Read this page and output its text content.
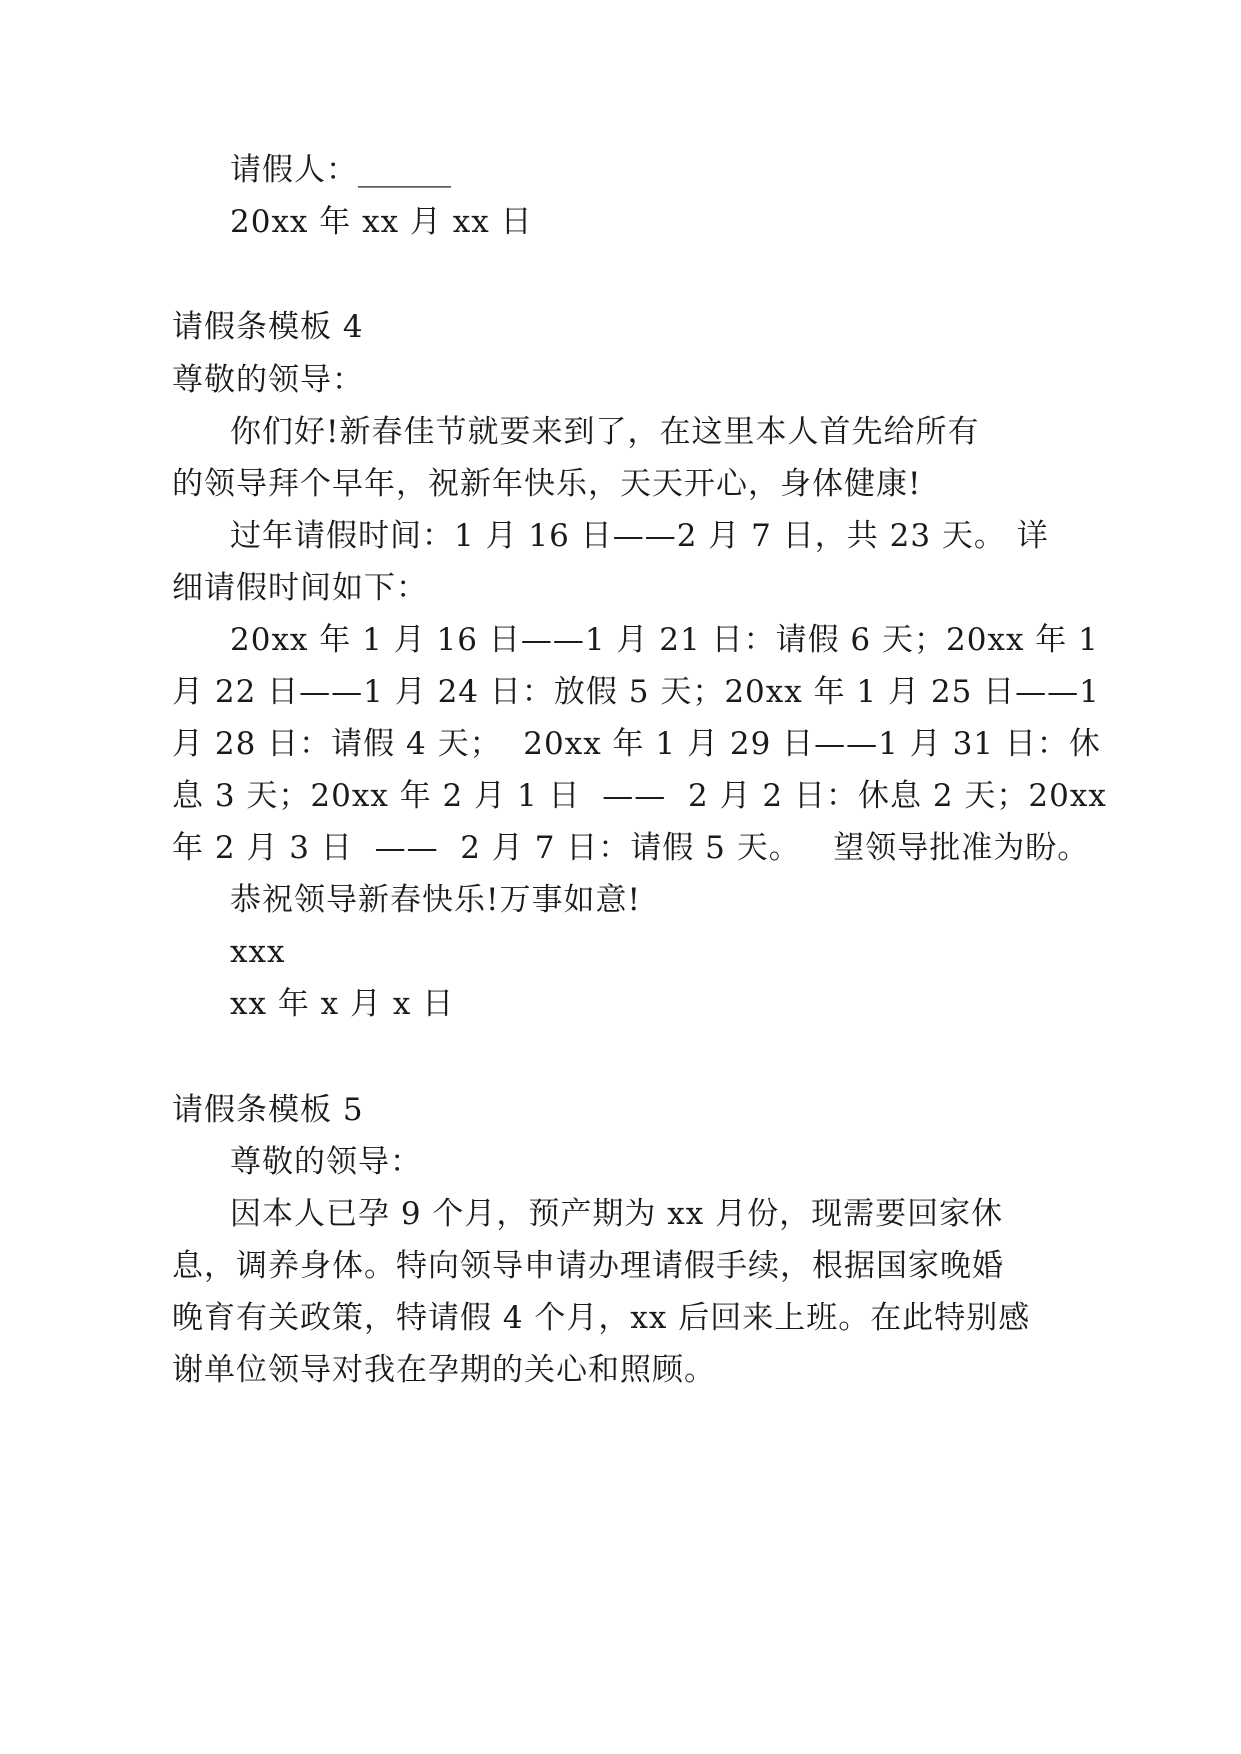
请假人：______
20xx 年 xx 月 xx 日
请假条模板 4
尊敬的领导：
你们好!新春佳节就要来到了，在这里本人首先给所有
的领导拜个早年，祝新年快乐，天天开心，身体健康!
过年请假时间：1 月 16 日——2 月 7 日，共 23 天。 详
细请假时间如下：
20xx 年 1 月 16 日——1 月 21 日：请假 6 天；20xx 年 1
月 22 日——1 月 24 日：放假 5 天；20xx 年 1 月 25 日——1
月 28 日：请假 4 天；  20xx 年 1 月 29 日——1 月 31 日：休
息 3 天；20xx 年 2 月 1 日  ——  2 月 2 日：休息 2 天；20xx
年 2 月 3 日  ——  2 月 7 日：请假 5 天。   望领导批准为盼。
恭祝领导新春快乐!万事如意!
xxx
xx 年 x 月 x 日
请假条模板 5
尊敬的领导：
因本人已孕 9 个月，预产期为 xx 月份，现需要回家休
息，调养身体。特向领导申请办理请假手续，根据国家晚婚
晚育有关政策，特请假 4 个月，xx 后回来上班。在此特别感
谢单位领导对我在孕期的关心和照顾。
